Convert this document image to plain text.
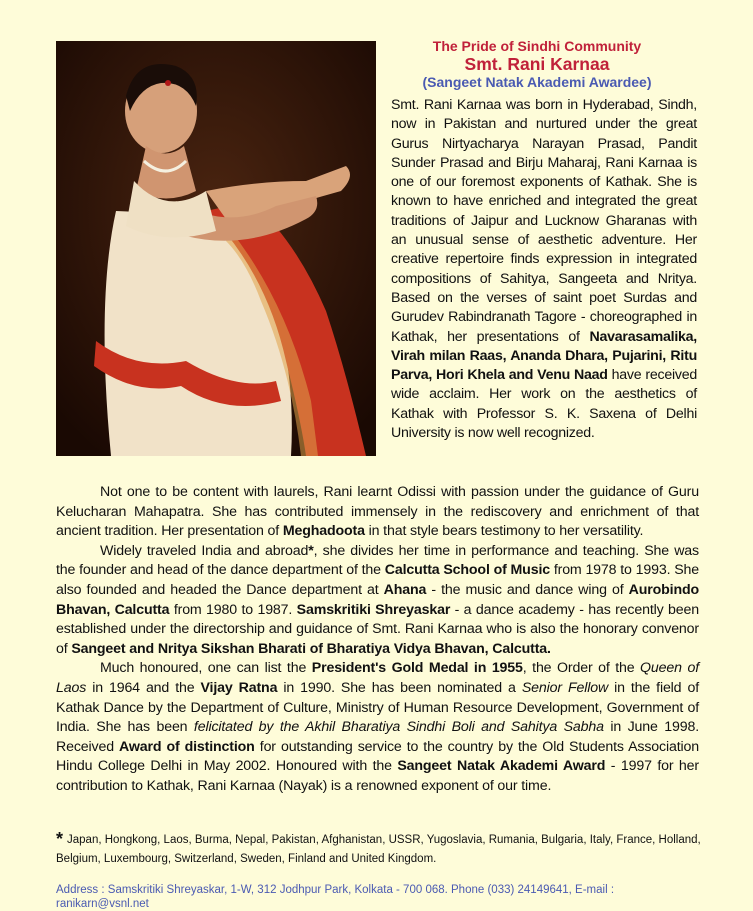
The Pride of Sindhi Community
Smt. Rani Karnaa
(Sangeet Natak Akademi Awardee)
Smt. Rani Karnaa was born in Hyderabad, Sindh, now in Pakistan and nurtured under the great Gurus Nirtyacharya Narayan Prasad, Pandit Sunder Prasad and Birju Maharaj, Rani Karnaa is one of our foremost exponents of Kathak. She is known to have enriched and integrated the great traditions of Jaipur and Lucknow Gharanas with an unusual sense of aesthetic adventure. Her creative repertoire finds expression in integrated compositions of Sahitya, Sangeeta and Nritya. Based on the verses of saint poet Surdas and Gurudev Rabindranath Tagore - choreographed in Kathak, her presentations of Navarasamalika, Virah milan Raas, Ananda Dhara, Pujarini, Ritu Parva, Hori Khela and Venu Naad have received wide acclaim. Her work on the aesthetics of Kathak with Professor S. K. Saxena of Delhi University is now well recognized.

Not one to be content with laurels, Rani learnt Odissi with passion under the guidance of Guru Kelucharan Mahapatra. She has contributed immensely in the rediscovery and enrichment of that ancient tradition. Her presentation of Meghadoota in that style bears testimony to her versatility.

Widely traveled India and abroad*, she divides her time in performance and teaching. She was the founder and head of the dance department of the Calcutta School of Music from 1978 to 1993. She also founded and headed the Dance department at Ahana - the music and dance wing of Aurobindo Bhavan, Calcutta from 1980 to 1987. Samskritiki Shreyaskar - a dance academy - has recently been established under the directorship and guidance of Smt. Rani Karnaa who is also the honorary convenor of Sangeet and Nritya Sikshan Bharati of Bharatiya Vidya Bhavan, Calcutta.

Much honoured, one can list the President's Gold Medal in 1955, the Order of the Queen of Laos in 1964 and the Vijay Ratna in 1990. She has been nominated a Senior Fellow in the field of Kathak Dance by the Department of Culture, Ministry of Human Resource Development, Government of India. She has been felicitated by the Akhil Bharatiya Sindhi Boli and Sahitya Sabha in June 1998. Received Award of distinction for outstanding service to the country by the Old Students Association Hindu College Delhi in May 2002. Honoured with the Sangeet Natak Akademi Award - 1997 for her contribution to Kathak, Rani Karnaa (Nayak) is a renowned exponent of our time.

* Japan, Hongkong, Laos, Burma, Nepal, Pakistan, Afghanistan, USSR, Yugoslavia, Rumania, Bulgaria, Italy, France, Holland, Belgium, Luxembourg, Switzerland, Sweden, Finland and United Kingdom.
Address : Samskritiki Shreyaskar, 1-W, 312 Jodhpur Park, Kolkata - 700 068. Phone (033) 24149641, E-mail : ranikarn@vsnl.net
